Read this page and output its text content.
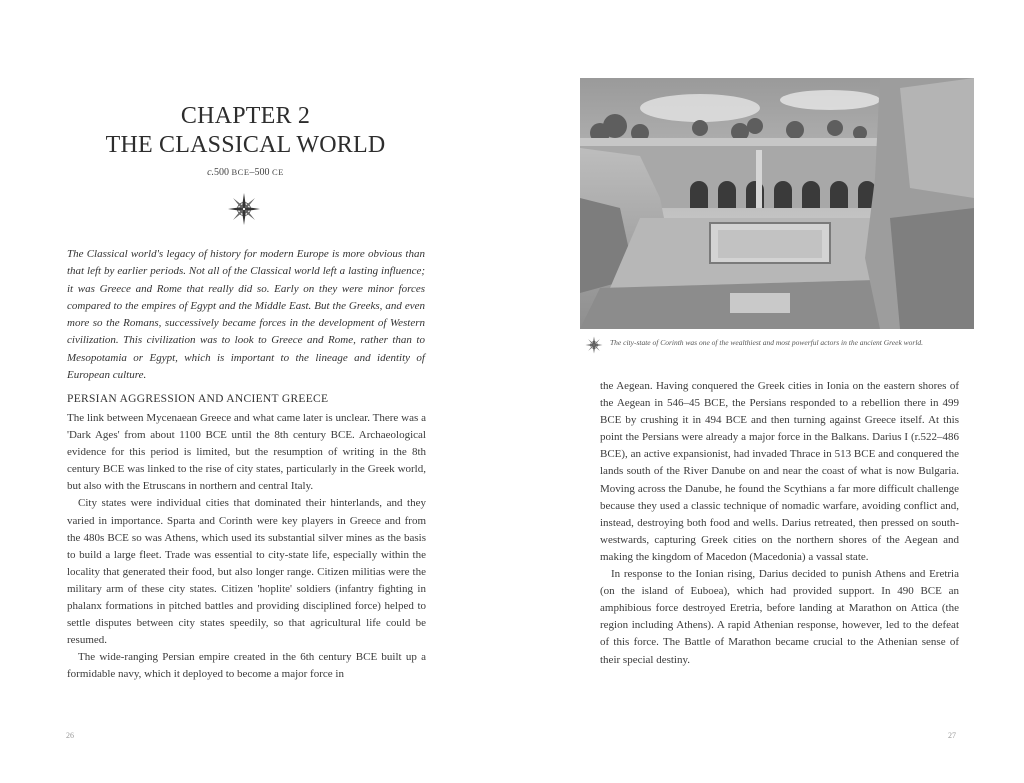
CHAPTER 2
THE CLASSICAL WORLD
c.500 BCE–500 CE
The Classical world's legacy of history for modern Europe is more obvious than that left by earlier periods. Not all of the Classical world left a lasting influence; it was Greece and Rome that really did so. Early on they were minor forces compared to the empires of Egypt and the Middle East. But the Greeks, and even more so the Romans, successively became forces in the development of Western civilization. This civilization was to look to Greece and Rome, rather than to Mesopotamia or Egypt, which is important to the lineage and identity of European culture.
PERSIAN AGGRESSION AND ANCIENT GREECE

The link between Mycenaean Greece and what came later is unclear. There was a 'Dark Ages' from about 1100 BCE until the 8th century BCE. Archaeological evidence for this period is limited, but the resumption of writing in the 8th century BCE was linked to the rise of city states, particularly in the Greek world, but also with the Etruscans in northern and central Italy.

City states were individual cities that dominated their hinterlands, and they varied in importance. Sparta and Corinth were key players in Greece and from the 480s BCE so was Athens, which used its substantial silver mines as the basis to build a large fleet. Trade was essential to city-state life, especially within the locality that generated their food, but also longer range. Citizen militias were the military arm of these city states. Citizen 'hoplite' soldiers (infantry fighting in phalanx formations in pitched battles and providing disciplined force) helped to settle disputes between city states speedily, so that agricultural life could be resumed.

The wide-ranging Persian empire created in the 6th century BCE built up a formidable navy, which it deployed to become a major force in

26
The city-state of Corinth was one of the wealthiest and most powerful actors in the ancient Greek world.

the Aegean. Having conquered the Greek cities in Ionia on the eastern shores of the Aegean in 546–45 BCE, the Persians responded to a rebellion there in 499 BCE by crushing it in 494 BCE and then turning against Greece itself. At this point the Persians were already a major force in the Balkans. Darius I (r.522–486 BCE), an active expansionist, had invaded Thrace in 513 BCE and conquered the lands south of the River Danube on and near the coast of what is now Bulgaria. Moving across the Danube, he found the Scythians a far more difficult challenge because they used a classic technique of nomadic warfare, avoiding conflict and, instead, destroying both food and wells. Darius retreated, then pressed on south-westwards, capturing Greek cities on the northern shores of the Aegean and making the kingdom of Macedon (Macedonia) a vassal state.

In response to the Ionian rising, Darius decided to punish Athens and Eretria (on the island of Euboea), which had provided support. In 490 BCE an amphibious force destroyed Eretria, before landing at Marathon on Attica (the region including Athens). A rapid Athenian response, however, led to the defeat of this force. The Battle of Marathon became crucial to the Athenian sense of their special destiny.

27
